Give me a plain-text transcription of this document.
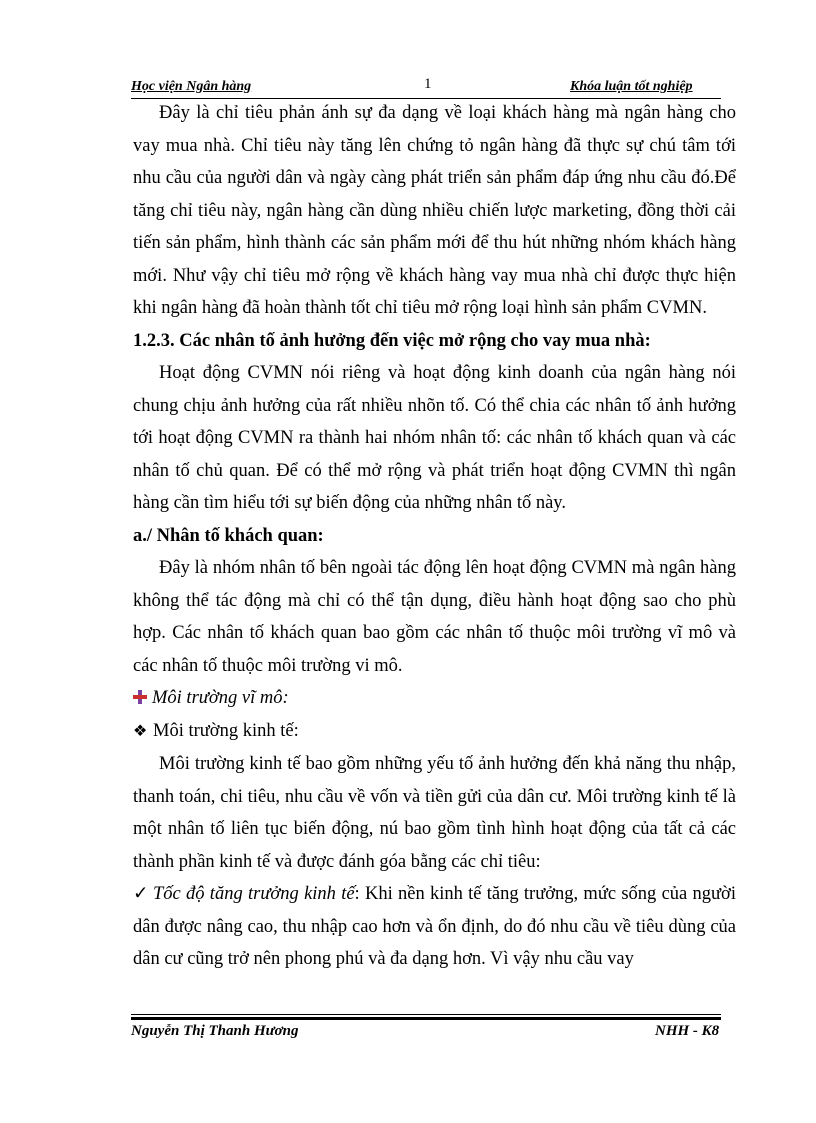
Học viện Ngân hàng	1	Khóa luận tốt nghiệp

Đây là chỉ tiêu phản ánh sự đa dạng về loại khách hàng mà ngân hàng cho vay mua nhà. Chỉ tiêu này tăng lên chứng tỏ ngân hàng đã thực sự chú tâm tới nhu cầu của người dân và ngày càng phát triển sản phẩm đáp ứng nhu cầu đó.Để tăng chỉ tiêu này, ngân hàng cần dùng nhiều chiến lược marketing, đồng thời cải tiến sản phẩm, hình thành các sản phẩm mới để thu hút những nhóm khách hàng mới. Như vậy chỉ tiêu mở rộng về khách hàng vay mua nhà chỉ được thực hiện khi ngân hàng đã hoàn thành tốt chỉ tiêu mở rộng loại hình sản phẩm CVMN.

1.2.3. Các nhân tố ảnh hưởng đến việc mở rộng cho vay mua nhà:

Hoạt động CVMN nói riêng và hoạt động kinh doanh của ngân hàng nói chung chịu ảnh hưởng của rất nhiều nhõn tố. Có thể chia các nhân tố ảnh hưởng tới hoạt động CVMN ra thành hai nhóm nhân tố: các nhân tố khách quan và các nhân tố chủ quan. Để có thể mở rộng và phát triển hoạt động CVMN thì ngân hàng cần tìm hiểu tới sự biến động của những nhân tố này.

a./ Nhân tố khách quan:

Đây là nhóm nhân tố bên ngoài tác động lên hoạt động CVMN mà ngân hàng không thể tác động mà chỉ có thể tận dụng, điều hành hoạt động sao cho phù hợp. Các nhân tố khách quan bao gồm các nhân tố thuộc môi trường vĩ mô và các nhân tố thuộc môi trường vi mô.

Môi trường vĩ mô:

❖ Môi trường kinh tế:

Môi trường kinh tế bao gồm những yếu tố ảnh hưởng đến khả năng thu nhập, thanh toán, chi tiêu, nhu cầu về vốn và tiền gửi của dân cư. Môi trường kinh tế là một nhân tố liên tục biến động, nú bao gồm tình hình hoạt động của tất cả các thành phần kinh tế và được đánh góa bằng các chỉ tiêu:

✓ Tốc độ tăng trưởng kinh tế: Khi nền kinh tế tăng trưởng, mức sống của người dân được nâng cao, thu nhập cao hơn và ổn định, do đó nhu cầu về tiêu dùng của dân cư cũng trở nên phong phú và đa dạng hơn. Vì vậy nhu cầu vay

Nguyễn Thị Thanh Hương	NHH - K8
